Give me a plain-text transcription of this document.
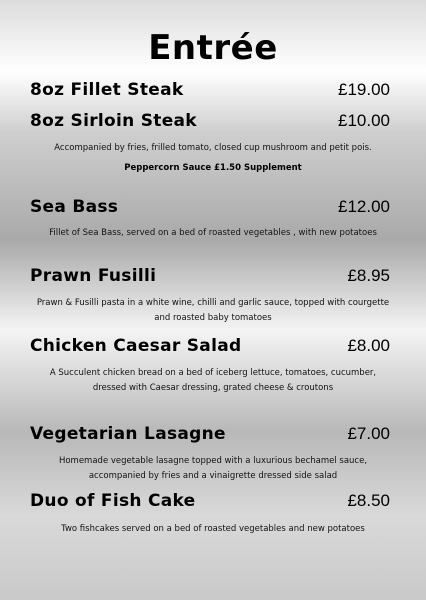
Entrée
8oz Fillet Steak	£19.00
8oz Sirloin Steak	£10.00
Accompanied by fries, frilled tomato, closed cup mushroom and petit pois.
Peppercorn Sauce £1.50 Supplement
Sea Bass	£12.00
Fillet of Sea Bass, served on a bed of roasted vegetables , with new potatoes
Prawn Fusilli	£8.95
Prawn & Fusilli pasta in a white wine, chilli and garlic sauce, topped with courgette and roasted baby tomatoes
Chicken Caesar Salad	£8.00
A Succulent chicken bread on a bed of iceberg lettuce, tomatoes, cucumber, dressed with Caesar dressing, grated cheese & croutons
Vegetarian Lasagne	£7.00
Homemade vegetable lasagne topped with a luxurious bechamel sauce, accompanied by fries and a vinaigrette dressed side salad
Duo of Fish Cake	£8.50
Two fishcakes served on a bed of roasted vegetables and new potatoes
